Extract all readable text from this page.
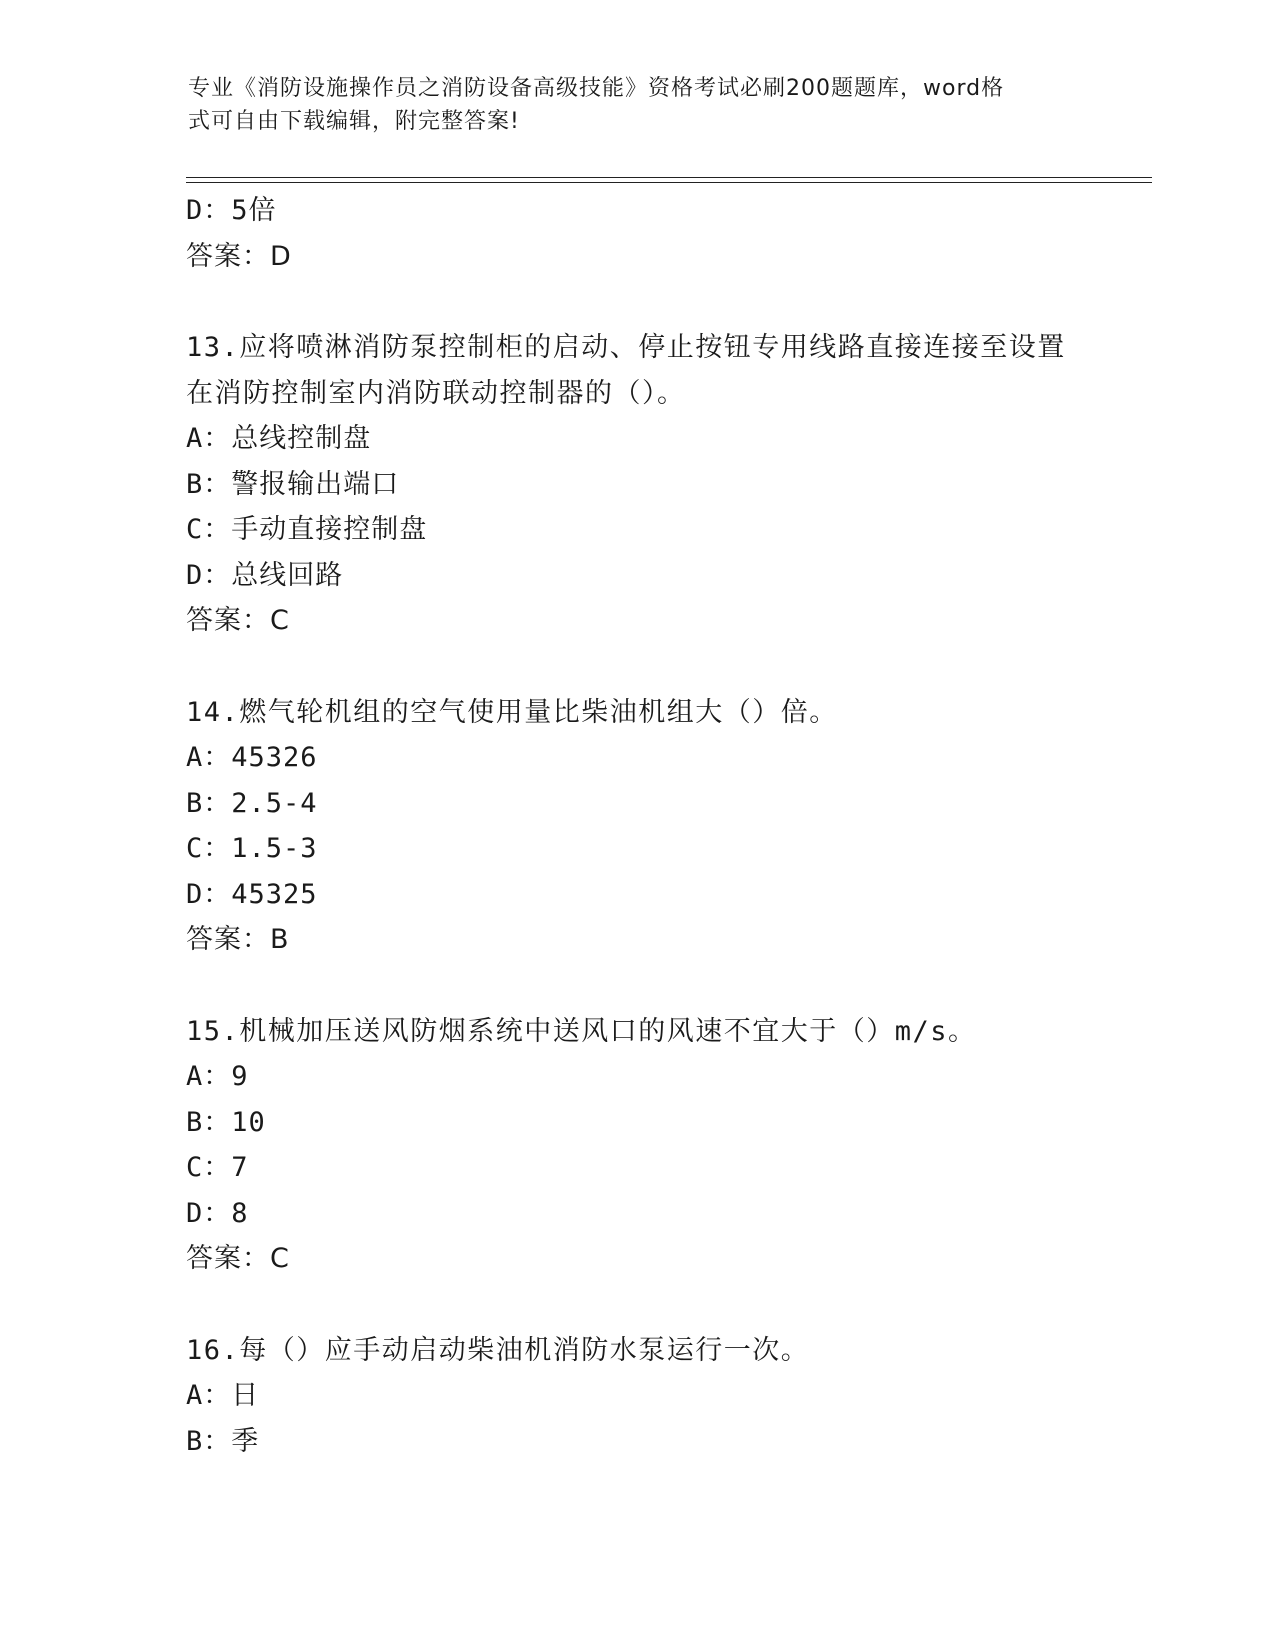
专业《消防设施操作员之消防设备高级技能》资格考试必刷200题题库，word格
式可自由下载编辑，附完整答案!
D：5倍
答案：D
13.应将喷淋消防泵控制柜的启动、停止按钮专用线路直接连接至设置
在消防控制室内消防联动控制器的（）。
A：总线控制盘
B：警报输出端口
C：手动直接控制盘
D：总线回路
答案：C
14.燃气轮机组的空气使用量比柴油机组大（）倍。
A：45326
B：2.5-4
C：1.5-3
D：45325
答案：B
15.机械加压送风防烟系统中送风口的风速不宜大于（）m/s。
A：9
B：10
C：7
D：8
答案：C
16.每（）应手动启动柴油机消防水泵运行一次。
A：日
B：季
